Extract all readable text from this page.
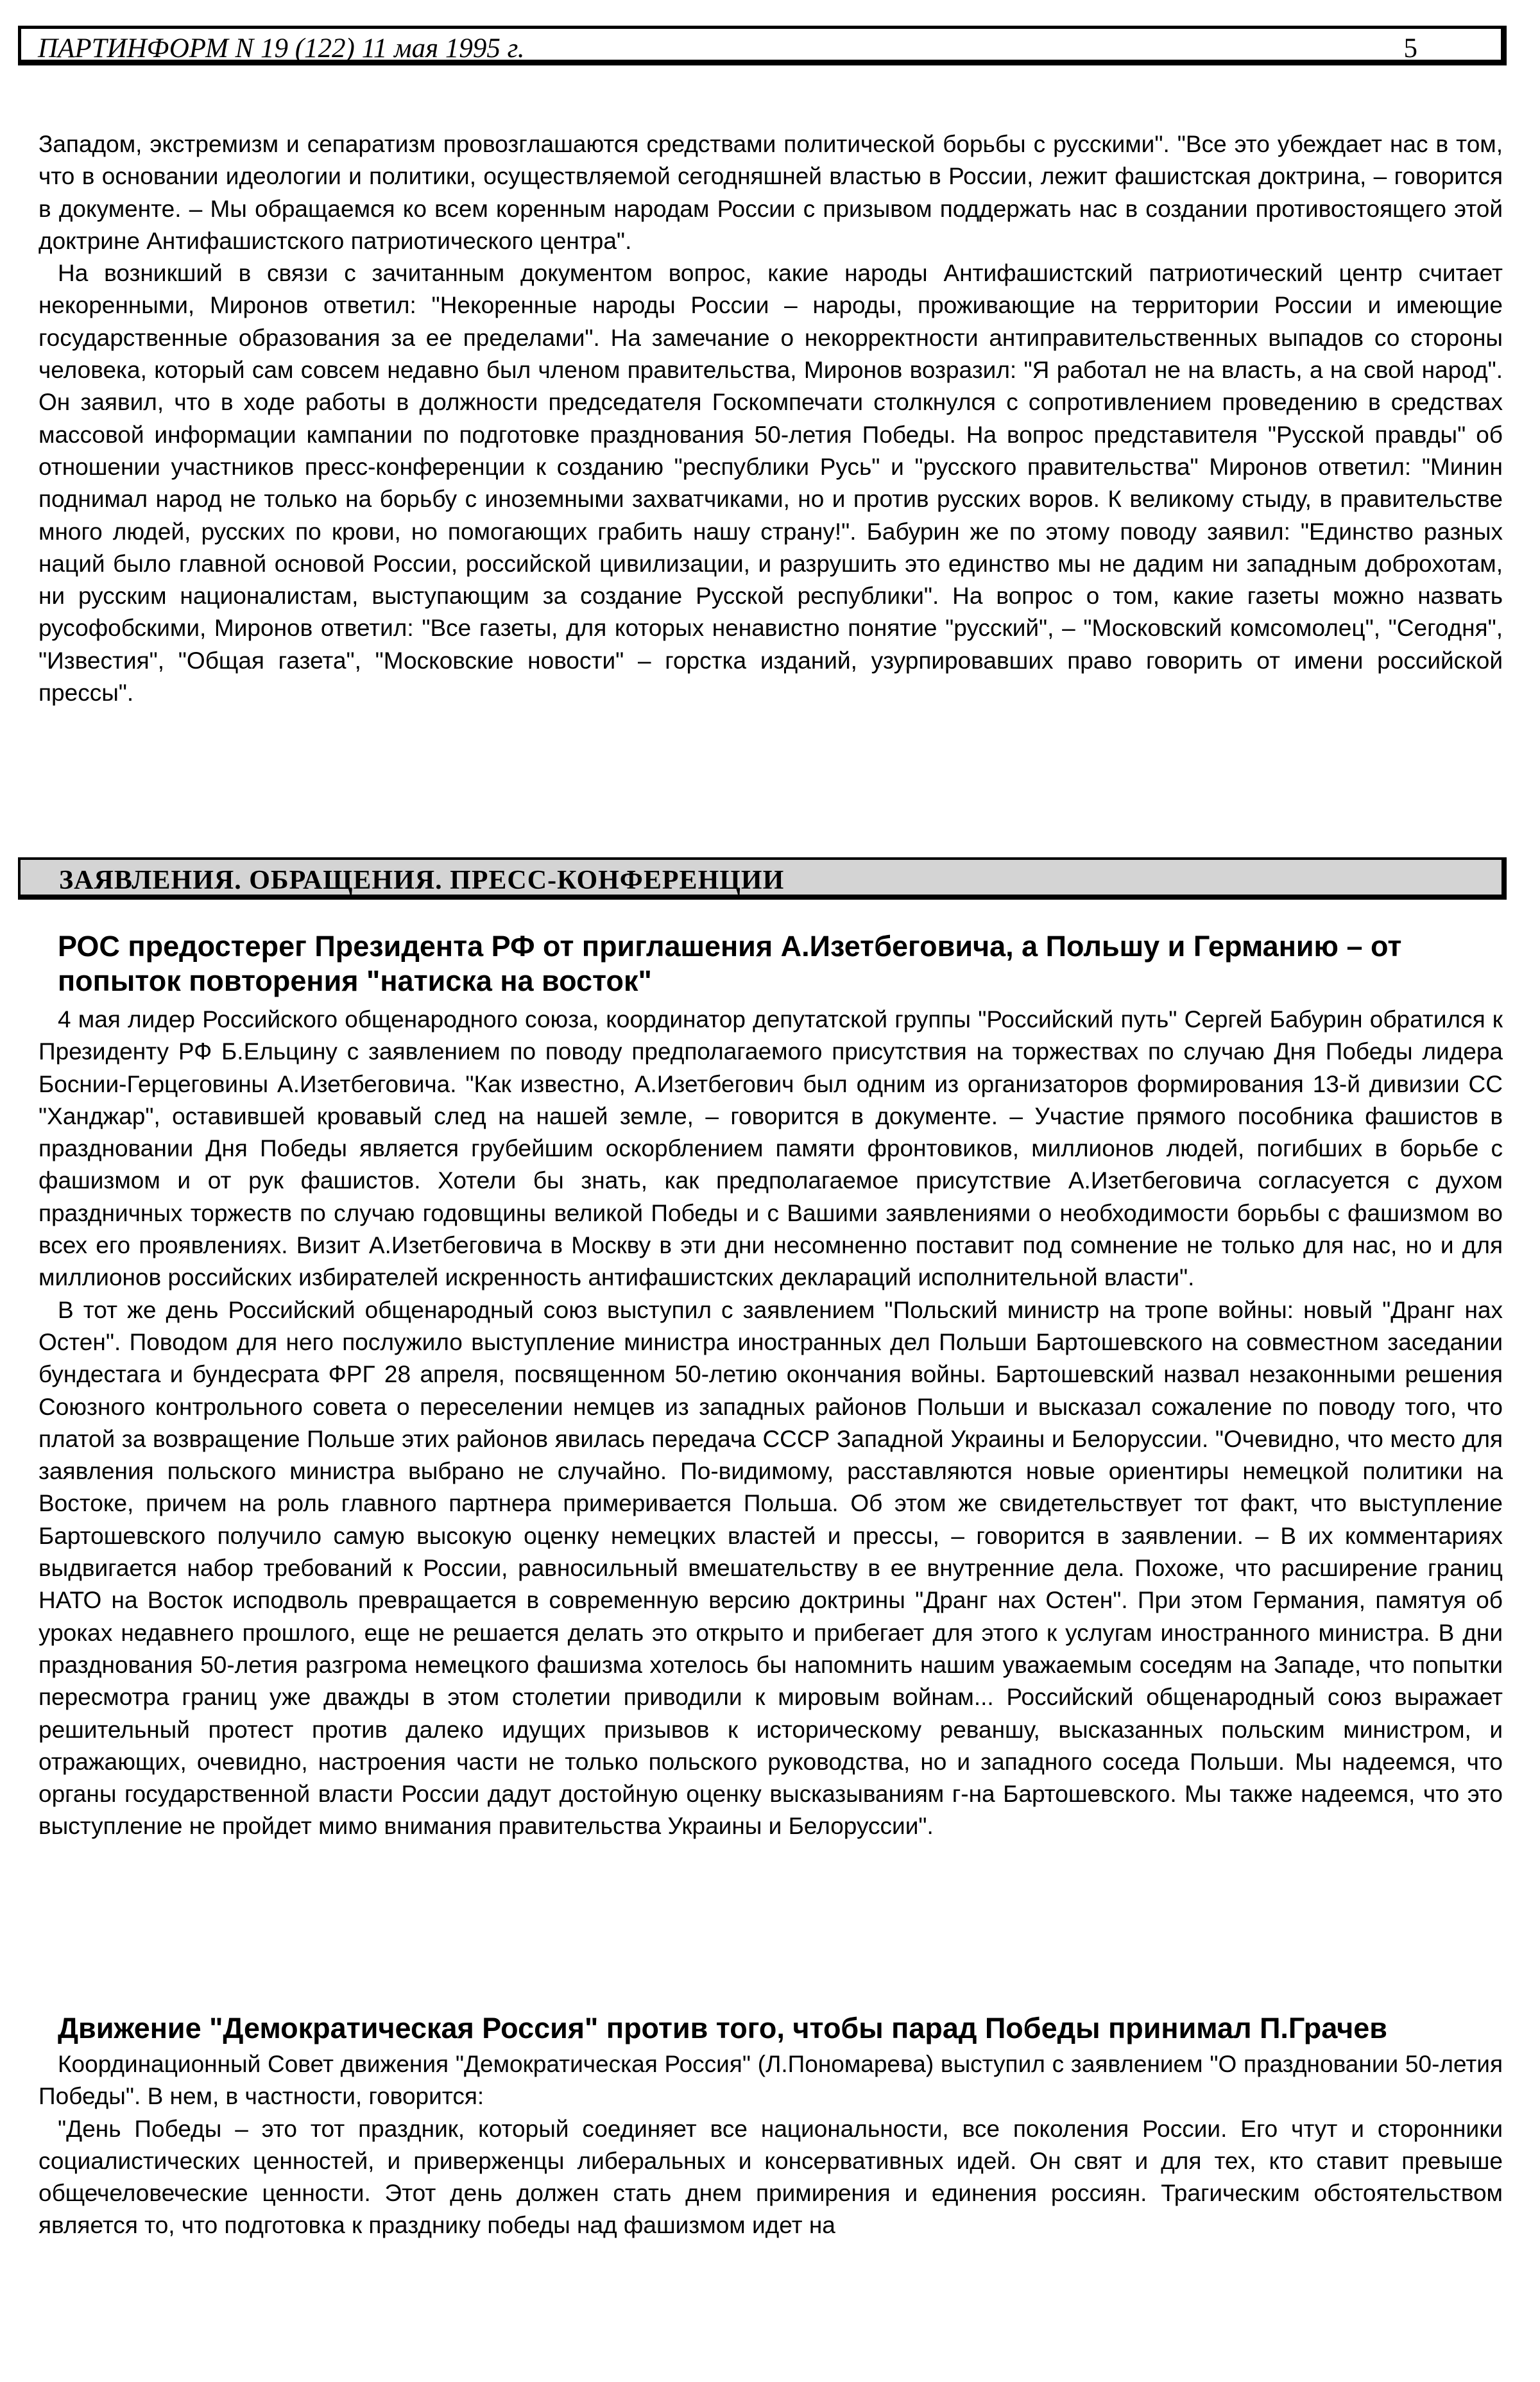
ПАРТИНФОРМ N 19 (122) 11 мая 1995 г.	5

Западом, экстремизм и сепаратизм провозглашаются средствами политической борьбы с русскими". "Все это убеждает нас в том, что в основании идеологии и политики, осуществляемой сегодняшней властью в России, лежит фашистская доктрина, – говорится в документе. – Мы обращаемся ко всем коренным народам России с призывом поддержать нас в создании противостоящего этой доктрине Антифашистского патриотического центра".

На возникший в связи с зачитанным документом вопрос, какие народы Антифашистский патриотический центр считает некоренными, Миронов ответил: "Некоренные народы России – народы, проживающие на территории России и имеющие государственные образования за ее пределами". На замечание о некорректности антиправительственных выпадов со стороны человека, который сам совсем недавно был членом правительства, Миронов возразил: "Я работал не на власть, а на свой народ". Он заявил, что в ходе работы в должности председателя Госкомпечати столкнулся с сопротивлением проведению в средствах массовой информации кампании по подготовке празднования 50-летия Победы. На вопрос представителя "Русской правды" об отношении участников пресс-конференции к созданию "республики Русь" и "русского правительства" Миронов ответил: "Минин поднимал народ не только на борьбу с иноземными захватчиками, но и против русских воров. К великому стыду, в правительстве много людей, русских по крови, но помогающих грабить нашу страну!". Бабурин же по этому поводу заявил: "Единство разных наций было главной основой России, российской цивилизации, и разрушить это единство мы не дадим ни западным доброхотам, ни русским националистам, выступающим за создание Русской республики". На вопрос о том, какие газеты можно назвать русофобскими, Миронов ответил: "Все газеты, для которых ненавистно понятие "русский", – "Московский комсомолец", "Сегодня", "Известия", "Общая газета", "Московские новости" – горстка изданий, узурпировавших право говорить от имени российской прессы".

ЗАЯВЛЕНИЯ. ОБРАЩЕНИЯ. ПРЕСС-КОНФЕРЕНЦИИ
РОС предостерег Президента РФ от приглашения А.Изетбеговича, а Польшу и Германию – от попыток повторения "натиска на восток"

4 мая лидер Российского общенародного союза, координатор депутатской группы "Российский путь" Сергей Бабурин обратился к Президенту РФ Б.Ельцину с заявлением по поводу предполагаемого присутствия на торжествах по случаю Дня Победы лидера Боснии-Герцеговины А.Изетбеговича. "Как известно, А.Изетбегович был одним из организаторов формирования 13-й дивизии СС "Ханджар", оставившей кровавый след на нашей земле, – говорится в документе. – Участие прямого пособника фашистов в праздновании Дня Победы является грубейшим оскорблением памяти фронтовиков, миллионов людей, погибших в борьбе с фашизмом и от рук фашистов. Хотели бы знать, как предполагаемое присутствие А.Изетбеговича согласуется с духом праздничных торжеств по случаю годовщины великой Победы и с Вашими заявлениями о необходимости борьбы с фашизмом во всех его проявлениях. Визит А.Изетбеговича в Москву в эти дни несомненно поставит под сомнение не только для нас, но и для миллионов российских избирателей искренность антифашистских деклараций исполнительной власти".

В тот же день Российский общенародный союз выступил с заявлением "Польский министр на тропе войны: новый "Дранг нах Остен". Поводом для него послужило выступление министра иностранных дел Польши Бартошевского на совместном заседании бундестага и бундесрата ФРГ 28 апреля, посвященном 50-летию окончания войны. Бартошевский назвал незаконными решения Союзного контрольного совета о переселении немцев из западных районов Польши и высказал сожаление по поводу того, что платой за возвращение Польше этих районов явилась передача СССР Западной Украины и Белоруссии. "Очевидно, что место для заявления польского министра выбрано не случайно. По-видимому, расставляются новые ориентиры немецкой политики на Востоке, причем на роль главного партнера примеривается Польша. Об этом же свидетельствует тот факт, что выступление Бартошевского получило самую высокую оценку немецких властей и прессы, – говорится в заявлении. – В их комментариях выдвигается набор требований к России, равносильный вмешательству в ее внутренние дела. Похоже, что расширение границ НАТО на Восток исподволь превращается в современную версию доктрины "Дранг нах Остен". При этом Германия, памятуя об уроках недавнего прошлого, еще не решается делать это открыто и прибегает для этого к услугам иностранного министра. В дни празднования 50-летия разгрома немецкого фашизма хотелось бы напомнить нашим уважаемым соседям на Западе, что попытки пересмотра границ уже дважды в этом столетии приводили к мировым войнам... Российский общенародный союз выражает решительный протест против далеко идущих призывов к историческому реваншу, высказанных польским министром, и отражающих, очевидно, настроения части не только польского руководства, но и западного соседа Польши. Мы надеемся, что органы государственной власти России дадут достойную оценку высказываниям г-на Бартошевского. Мы также надеемся, что это выступление не пройдет мимо внимания правительства Украины и Белоруссии".

Движение "Демократическая Россия" против того, чтобы парад Победы принимал П.Грачев

Координационный Совет движения "Демократическая Россия" (Л.Пономарева) выступил с заявлением "О праздновании 50-летия Победы". В нем, в частности, говорится:

"День Победы – это тот праздник, который соединяет все национальности, все поколения России. Его чтут и сторонники социалистических ценностей, и приверженцы либеральных и консервативных идей. Он свят и для тех, кто ставит превыше общечеловеческие ценности. Этот день должен стать днем примирения и единения россиян. Трагическим обстоятельством является то, что подготовка к празднику победы над фашизмом идет на
